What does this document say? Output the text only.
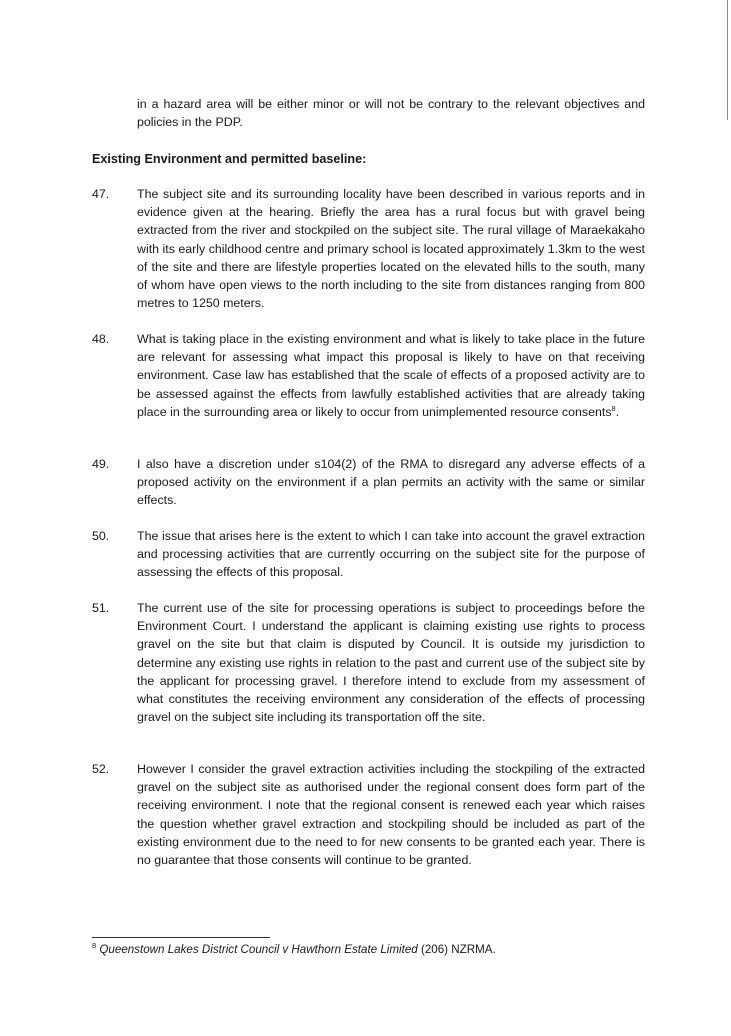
in a hazard area will be either minor or will not be contrary to the relevant objectives and policies in the PDP.

Existing Environment and permitted baseline:
47. The subject site and its surrounding locality have been described in various reports and in evidence given at the hearing. Briefly the area has a rural focus but with gravel being extracted from the river and stockpiled on the subject site. The rural village of Maraekakaho with its early childhood centre and primary school is located approximately 1.3km to the west of the site and there are lifestyle properties located on the elevated hills to the south, many of whom have open views to the north including to the site from distances ranging from 800 metres to 1250 meters.

48. What is taking place in the existing environment and what is likely to take place in the future are relevant for assessing what impact this proposal is likely to have on that receiving environment. Case law has established that the scale of effects of a proposed activity are to be assessed against the effects from lawfully established activities that are already taking place in the surrounding area or likely to occur from unimplemented resource consents$^8$.

49. I also have a discretion under s104(2) of the RMA to disregard any adverse effects of a proposed activity on the environment if a plan permits an activity with the same or similar effects.

50. The issue that arises here is the extent to which I can take into account the gravel extraction and processing activities that are currently occurring on the subject site for the purpose of assessing the effects of this proposal.

51. The current use of the site for processing operations is subject to proceedings before the Environment Court. I understand the applicant is claiming existing use rights to process gravel on the site but that claim is disputed by Council. It is outside my jurisdiction to determine any existing use rights in relation to the past and current use of the subject site by the applicant for processing gravel. I therefore intend to exclude from my assessment of what constitutes the receiving environment any consideration of the effects of processing gravel on the subject site including its transportation off the site.

52. However I consider the gravel extraction activities including the stockpiling of the extracted gravel on the subject site as authorised under the regional consent does form part of the receiving environment. I note that the regional consent is renewed each year which raises the question whether gravel extraction and stockpiling should be included as part of the existing environment due to the need to for new consents to be granted each year. There is no guarantee that those consents will continue to be granted.

$^8$ Queenstown Lakes District Council v Hawthorn Estate Limited (206) NZRMA.
